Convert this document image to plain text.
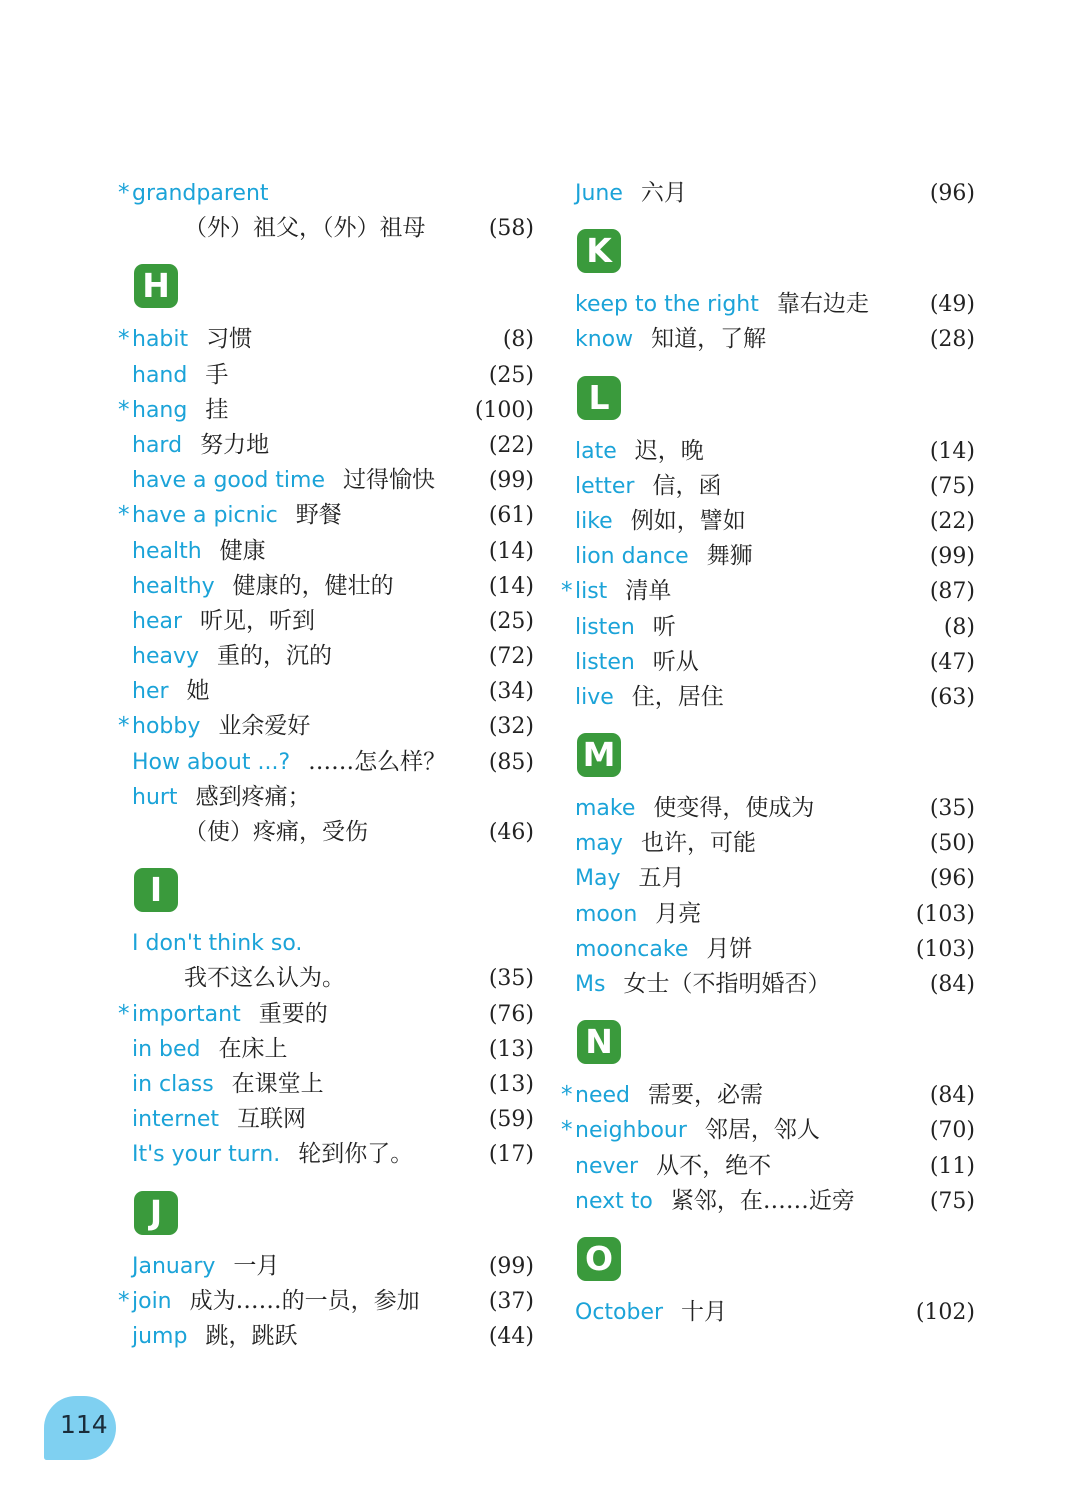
* grandparent
（外）祖父，（外）祖母	(58)
H
* habit 习惯	(8)
hand 手	(25)
* hang 挂	(100)
hard 努力地	(22)
have a good time 过得愉快 (99)
* have a picnic 野餐	(61)
health 健康	(14)
healthy 健康的，健壮的	(14)
hear 听见，听到	(25)
heavy 重的，沉的	(72)
her 她	(34)
* hobby 业余爱好	(32)
How about ...? ……怎么样？ (85)
hurt 感到疼痛；
（使）疼痛，受伤	(46)
I
I don't think so.
我不这么认为。	(35)
* important 重要的	(76)
in bed 在床上	(13)
in class 在课堂上	(13)
internet 互联网	(59)
It's your turn. 轮到你了。	(17)
J
January 一月	(99)
* join 成为……的一员，参加	(37)
jump 跳，跳跃	(44)
June 六月	(96)
K
keep to the right 靠右边走	(49)
know 知道，了解	(28)
L
late 迟，晚	(14)
letter 信，函	(75)
like 例如，譬如	(22)
lion dance 舞狮	(99)
* list 清单	(87)
listen 听	(8)
listen 听从	(47)
live 住，居住	(63)
M
make 使变得，使成为	(35)
may 也许，可能	(50)
May 五月	(96)
moon 月亮	(103)
mooncake 月饼	(103)
Ms 女士（不指明婚否）	(84)
N
* need 需要，必需	(84)
* neighbour 邻居，邻人	(70)
never 从不，绝不	(11)
next to 紧邻，在……近旁	(75)
O
October 十月	(102)
114
